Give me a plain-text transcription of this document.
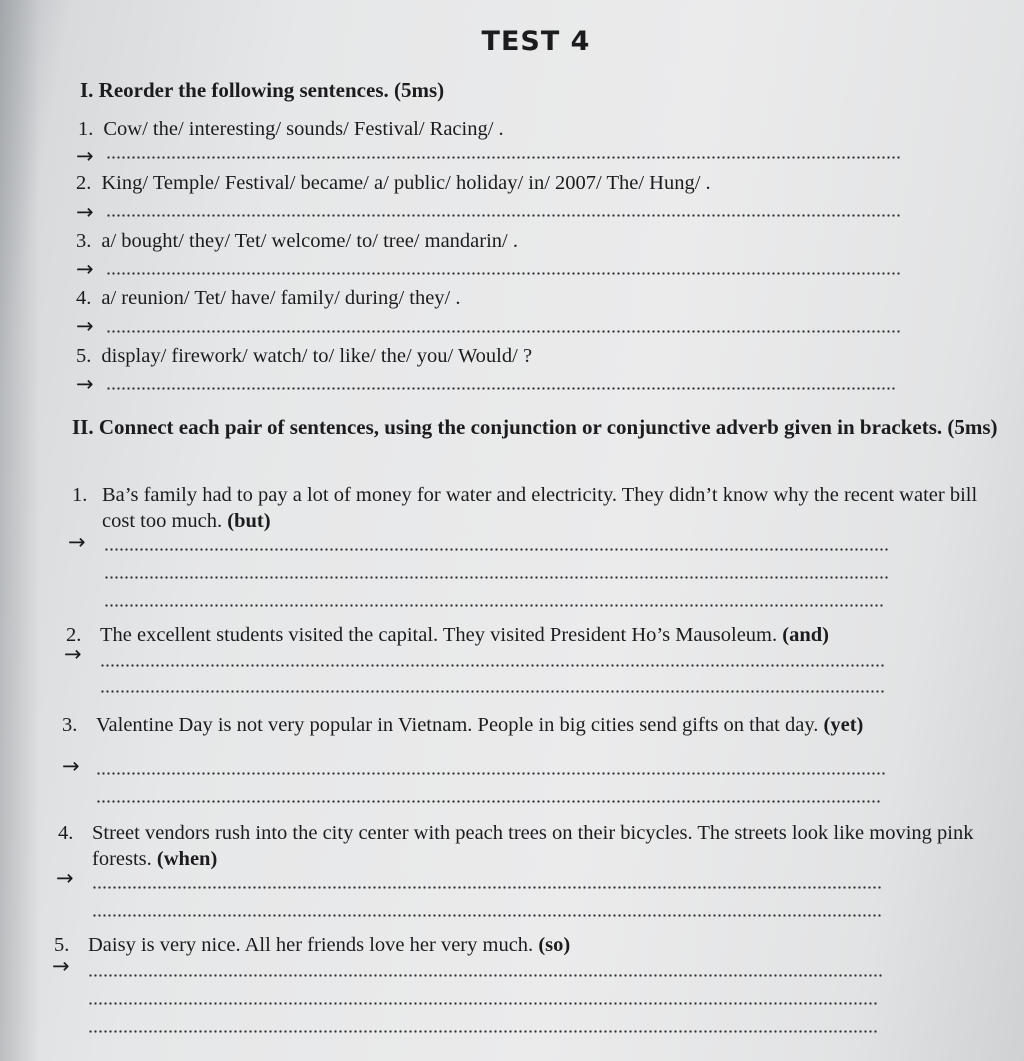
TEST 4
I. Reorder the following sentences. (5ms)
1. Cow/ the/ interesting/ sounds/ Festival/ Racing/ .
→
2. King/ Temple/ Festival/ became/ a/ public/ holiday/ in/ 2007/ The/ Hung/ .
→
3. a/ bought/ they/ Tet/ welcome/ to/ tree/ mandarin/ .
→
4. a/ reunion/ Tet/ have/ family/ during/ they/ .
→
5. display/ firework/ watch/ to/ like/ the/ you/ Would/ ?
→
II. Connect each pair of sentences, using the conjunction or conjunctive adverb given in brackets. (5ms)
1. Ba’s family had to pay a lot of money for water and electricity. They didn’t know why the recent water bill cost too much. (but)
→
2. The excellent students visited the capital. They visited President Ho’s Mausoleum. (and)
→
3. Valentine Day is not very popular in Vietnam. People in big cities send gifts on that day. (yet)
→
4. Street vendors rush into the city center with peach trees on their bicycles. The streets look like moving pink forests. (when)
→
5. Daisy is very nice. All her friends love her very much. (so)
→
